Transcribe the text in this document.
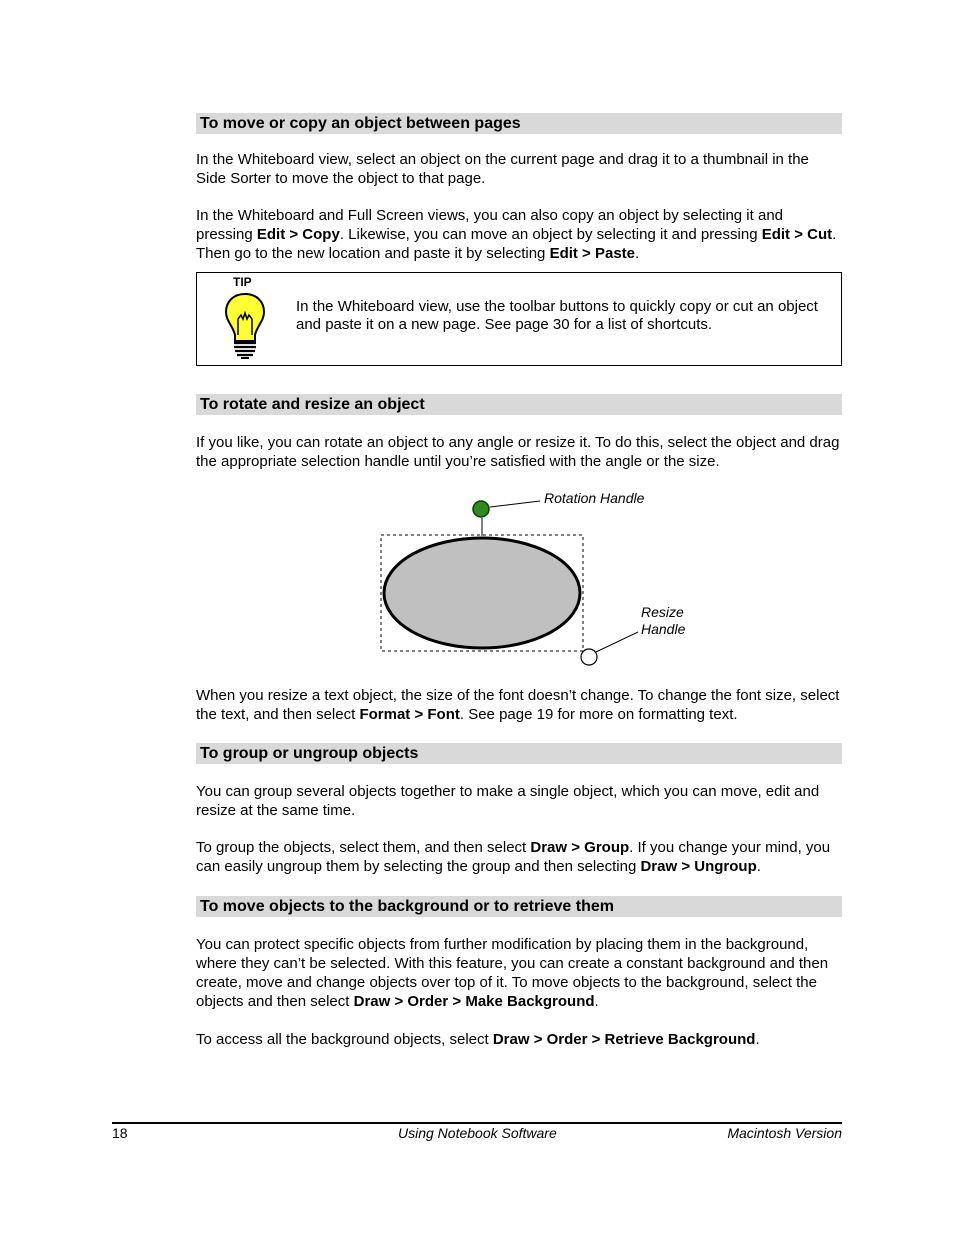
To move or copy an object between pages
In the Whiteboard view, select an object on the current page and drag it to a thumbnail in the Side Sorter to move the object to that page.
In the Whiteboard and Full Screen views, you can also copy an object by selecting it and pressing Edit > Copy. Likewise, you can move an object by selecting it and pressing Edit > Cut. Then go to the new location and paste it by selecting Edit > Paste.
TIP
In the Whiteboard view, use the toolbar buttons to quickly copy or cut an object and paste it on a new page. See page 30 for a list of shortcuts.
To rotate and resize an object
If you like, you can rotate an object to any angle or resize it. To do this, select the object and drag the appropriate selection handle until you’re satisfied with the angle or the size.
Rotation Handle
Resize
Handle
When you resize a text object, the size of the font doesn’t change. To change the font size, select the text, and then select Format > Font. See page 19 for more on formatting text.
To group or ungroup objects
You can group several objects together to make a single object, which you can move, edit and resize at the same time.
To group the objects, select them, and then select Draw > Group. If you change your mind, you can easily ungroup them by selecting the group and then selecting Draw > Ungroup.
To move objects to the background or to retrieve them
You can protect specific objects from further modification by placing them in the background, where they can’t be selected. With this feature, you can create a constant background and then create, move and change objects over top of it. To move objects to the background, select the objects and then select Draw > Order > Make Background.
To access all the background objects, select Draw > Order > Retrieve Background.
18	Using Notebook Software	Macintosh Version
